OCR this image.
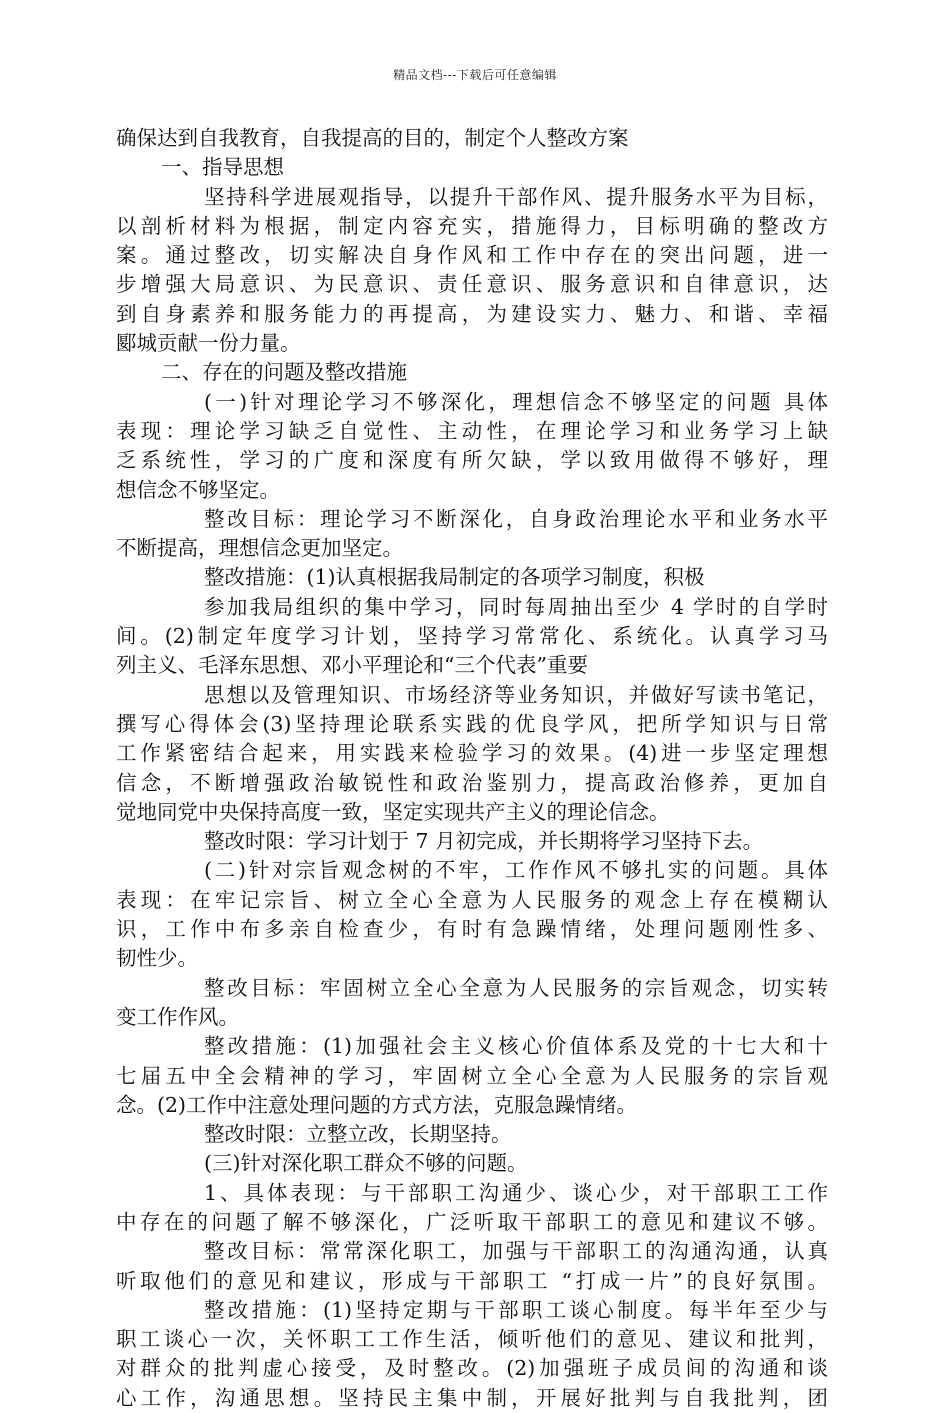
精品文档---下载后可任意编辑
确保达到自我教育，自我提高的目的，制定个人整改方案
一、指导思想
坚持科学进展观指导，以提升干部作风、提升服务水平为目标，
以剖析材料为根据，制定内容充实，措施得力，目标明确的整改方
案。通过整改，切实解决自身作风和工作中存在的突出问题，进一
步增强大局意识、为民意识、责任意识、服务意识和自律意识，达
到自身素养和服务能力的再提高，为建设实力、魅力、和谐、幸福
郾城贡献一份力量。
二、存在的问题及整改措施
(一)针对理论学习不够深化，理想信念不够坚定的问题 具体
表现：理论学习缺乏自觉性、主动性，在理论学习和业务学习上缺
乏系统性，学习的广度和深度有所欠缺，学以致用做得不够好，理
想信念不够坚定。
整改目标：理论学习不断深化，自身政治理论水平和业务水平
不断提高，理想信念更加坚定。
整改措施：(1)认真根据我局制定的各项学习制度，积极
参加我局组织的集中学习，同时每周抽出至少 4 学时的自学时
间。(2)制定年度学习计划，坚持学习常常化、系统化。认真学习马
列主义、毛泽东思想、邓小平理论和“三个代表”重要
思想以及管理知识、市场经济等业务知识，并做好写读书笔记，
撰写心得体会(3)坚持理论联系实践的优良学风，把所学知识与日常
工作紧密结合起来，用实践来检验学习的效果。(4)进一步坚定理想
信念，不断增强政治敏锐性和政治鉴别力，提高政治修养，更加自
觉地同党中央保持高度一致，坚定实现共产主义的理论信念。
整改时限：学习计划于 7 月初完成，并长期将学习坚持下去。
(二)针对宗旨观念树的不牢，工作作风不够扎实的问题。具体
表现：在牢记宗旨、树立全心全意为人民服务的观念上存在模糊认
识，工作中布多亲自检查少，有时有急躁情绪，处理问题刚性多、
韧性少。
整改目标：牢固树立全心全意为人民服务的宗旨观念，切实转
变工作作风。
整改措施：(1)加强社会主义核心价值体系及党的十七大和十
七届五中全会精神的学习，牢固树立全心全意为人民服务的宗旨观
念。(2)工作中注意处理问题的方式方法，克服急躁情绪。
整改时限：立整立改，长期坚持。
(三)针对深化职工群众不够的问题。
1、具体表现：与干部职工沟通少、谈心少，对干部职工工作
中存在的问题了解不够深化，广泛听取干部职工的意见和建议不够。
整改目标：常常深化职工，加强与干部职工的沟通沟通，认真
听取他们的意见和建议，形成与干部职工 “打成一片”的良好氛围。
整改措施：(1)坚持定期与干部职工谈心制度。每半年至少与
职工谈心一次，关怀职工工作生活，倾听他们的意见、建议和批判，
对群众的批判虚心接受，及时整改。(2)加强班子成员间的沟通和谈
心工作，沟通思想。坚持民主集中制，开展好批判与自我批判，团
